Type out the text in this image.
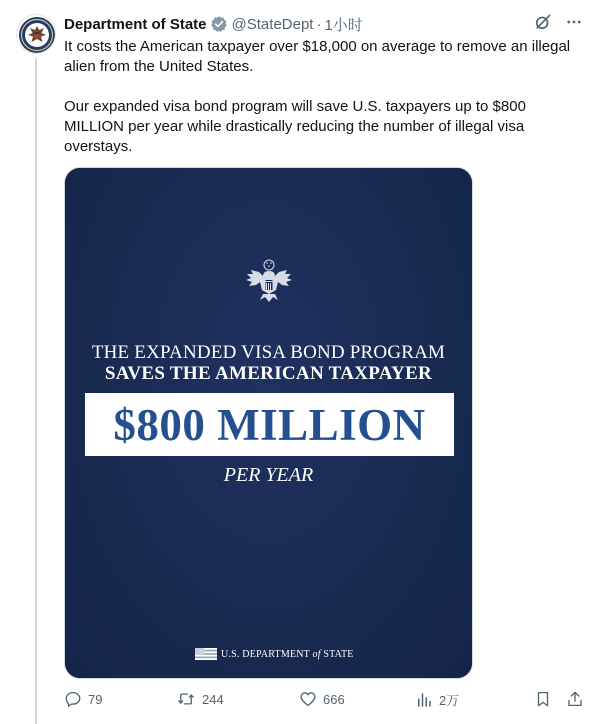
Department of State @StateDept · 1小时

It costs the American taxpayer over $18,000 on average to remove an illegal alien from the United States.

Our expanded visa bond program will save U.S. taxpayers up to $800 MILLION per year while drastically reducing the number of illegal visa overstays.

THE EXPANDED VISA BOND PROGRAM
SAVES THE AMERICAN TAXPAYER
$800 MILLION
PER YEAR
U.S. DEPARTMENT of STATE
79	244	666	2万
